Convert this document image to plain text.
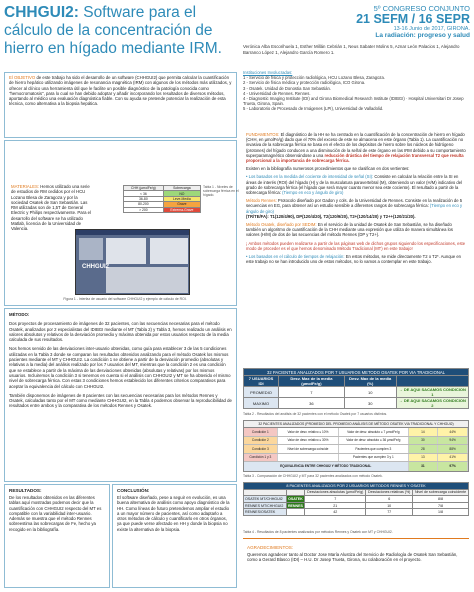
CHHGUI2: Software para el cálculo de la concentración de hierro en hígado mediante IRM.
5º CONGRESO CONJUNTO
21 SEFM / 16 SEPR
13-16 Junio de 2017, GIRONA.
La radiación: progreso y salud
Verónica Alba Escorihuela 1, Esther Millán Cebrián 1, Neus Sabater Molins 5, Aznar León Palacios 1, Alejandro Barranco López 1, Alejandro García Romero 1.
Instituciones Involucradas:
1 - Servicio de física y protección radiológica, HCU Lozano Blesa, Zaragoza.
2 - Servicio de física médica y protección radiológica, ICO Girona.
3 - Osatek. Unidad de Donostia San Sebastián.
4 - Universidad de Rennes. Rennes.
4 - Diagnostic Imaging Institute (IDI) and Girona Biomedical Research Institute (IDIBGI) · Hospital Universitari Dr Josep Trueta, Girona, Spain.
5 - Laboratorio de Procesado de Imágenes (LPI), Universidad de Valladolid.

El OBJETIVO de este trabajo ha sido el desarrollo de un software (CHHGUI2) que permita calcular la cuantificación de hierro hepático utilizando imágenes de resonancia magnética (IRM) con algunos de los métodos más utilizados, y ofrecer al clínico una herramienta útil que le facilite un posible diagnóstico de la patología conocida como "hemocromatosis", para lo cual se han debido adoptar y añadir incorporando los resultados de diversos métodos, aportando al médico una evaluación diagnóstica fiable. Con su ayuda se pretende potenciar la realización de esta técnica, como alternativa a la biopsia hepática.

MATERIALES: Hemos utilizado una serie de estudios de RM cedidos por el HCU Lozano Blesa de Zaragoza y por la sociedad Osatek de San Sebastián. Las RM utilizadas son de 1,5T de General Electric y Philips respectivamente. Para el desarrollo del software se ha utilizado Matlab, licencia de la Universidad de Valencia.
CHH (µmolFe/g)	Sobrecarga
< 36	NO
36-80	Leve-Media
80-200	Grave
> 200	Extrema-Grave
Tabla 1 - Niveles de sobrecarga férrica en el hígado.
CHHGUI2
Figura 1 - Interfaz de usuario del software CHHGUI2 y ejemplo de cálculo de ROI.

MÉTODO:

Dos proyectos de procesamiento de imágenes de 32 pacientes, con las secuencias necesarias para el método Osatek, analizados por 2 especialistas del IDIBGI mediante el MT (Tabla 2) y Tabla 3, hemos realizado un análisis en valores absolutos y relativos de la desviación promedio y máxima obtenida por estos usuarios respecto de la media calculada de sus resultados.

Nos hemos servido de las desviaciones inter-usuario obtenidas, como guía para establecer 3 de las 5 condiciones utilizadas en la Tabla 3 donde se comparan los resultados obtenidos analizando para el método Osatek los mismos pacientes mediante el MT y CHHGUI2. La condición 1 se obtiene a partir de la desviación promedio (absolutas y relativas a la media) del análisis realizado por los 7 usuarios del MT, mientras que la condición 2 es una condición que se establece a partir de la máxima de las desviaciones obtenidas (absolutas y relativas) por los mismos usuarios. Incluiremos la condición 3 si tenemos en cuenta si el análisis con CHHGUI2 y MT se ha obtenido el mismo nivel de sobrecarga férrica. Con estas 3 condiciones hemos establecido los diferentes criterios comparativos para aceptar la equivalencia del cálculo con CHHGUI2.

También disponemos de imágenes de 8 pacientes con las secuencias necesarias para los métodos Rennes y Osatek, calculadas tanto por el MT como mediante CHHGUI2, en la Tabla 4 podemos observar la reproducibilidad de resultados entre ambos y la comparativa de los métodos Rennes y Osatek.

RESULTADOS:
De los resultados obtenidos en las diferentes tablas aquí mostradas podemos decir que la cuantificación con CHHGUI2 respecto del MT es compatible con la variabilidad inter-usuario. Además se muestra que el método Rennes sobreestima las sobrecargas de Fe, hecho ya recogido en la bibliografía.
CONCLUSIÓN:
El software diseñado, pese a seguir en evolución, es una buena alternativa de análisis como apoyo diagnóstico de la HH. Como líneas de futuro pretendemos ampliar el estudio a un mayor número de pacientes, así como adaptarlo a otros métodos de cálculo y cuantificarlo en otros órganos, ya que puede verse afectado en HH y donde la biopsia no existe la alternativa de la biopsia.

FUNDAMENTOS: El diagnóstico de la HH se ha centrado en la cuantificación de la concentración de hierro en hígado (CHH, en µmolFe/g) dado que el 70% del exceso de este se almacena en este órgano (Tabla 1). La cuantificación no invasiva de la sobrecarga férrica se basa en el efecto de los depósitos de hierro sobre los núcleos de hidrógeno (protones) del hígado conducen a una disminución de la señal de este órgano en las IRM debido a su comportamiento superparamagnético observándose a una reducción drástica del tiempo de relajación transversal T2 que resulta proporcional a la importancia de sobrecarga férrica.

Existen en la bibliografía numerosos procedimientos que se clasifican en dos vertientes:

• Los basados en la medida del cociente de intensidad de señal (SI): Consiste en calcular la relación entre la SI en áreas de interés (ROI) del hígado (H) y de la musculatura paravertebral (M), obteniendo un valor (H/M) indicativo del grado de sobrecarga férrica (el hígado que será mayor cuanto menor sea este cociente). El resultado a partir de la sobrecarga férrica: (Tiempo en eco y ángulo de giro)

Método Rennes: Protocolo diseñado por Gadon y cols. de la Universidad de Rennes. Consiste en la realización de 5 secuencias en EG, para obtener así un estudio sensible a diferentes rangos de sobrecarga férrica: (Tiempo en eco y ángulo de giro)
(TR/TE/FA): T1(120/4/90), DP(120/4/20), T2(120/9/20), T2+(120/14/20) y T2++(120/21/20).

Método Osatek, diseñado por SEDIM: En el servicio de la unidad de Osatek de San Sebastián, se ha diseñado también un algoritmo de cuantificación de la CHH mediante una expresión que utiliza de manera simultánea los valores (H/M) de dos de las secuencias del método Rennes (DP y T2+).

¡ Ambos métodos pueden realizarse a partir de las páginas web de dichos grupos siguiendo los especificaciones, este modo de proceder es el que hemos denominado Método Tradicional (MT) en este trabajo!

• Los basados en el cálculo de tiempos de relajación: En estos métodos, se mide directamente T2 o T2*. Aunque en este trabajo no se han introducido uno de estos métodos, no lo vamos a contemplar en este trabajo.

32 PACIENTES ANALIZADOS POR 7 USUARIOS METODO OSATEK POR VIA TRADICIONAL			
7 USUARIOS IDI	Desv. Max de la media (µmolFe/g)	Desv. Max de la media (%)	
PROMEDIO	7	10	→ DE AQUI SACAMOS CONDICION 1
MAXIMO	36	30	→ DE AQUI SACAMOS CONDICION 2
Tabla 2 - Resultados del análisis de 32 pacientes con el método Osatek por 7 usuarios distintos.
32 PACIENTES ANALIZADOS (PROMEDIO DEL PROMEDIO ANÁLISIS DE MÉTODO OSATEK VIA TRADICIONAL Y CHHGUI2)
Condición 1	Valor de desv. relativo ≤ 10%	Valor de desv. absoluto ≤ 7 µmolFe/g	14	44%
Condición 2	Valor de desv. relativo ≤ 30%	Valor de desv. absoluto ≤ 36 µmolFe/g	30	94%
Condición 3	Nivel de sobrecarga coincide	Pacientes que cumplen 3	28	88%
Condición 1 y 3	Pacientes que cumplen 3 y 1	13	41%
EQUIVALENCIA ENTRE CHHGUI2 Y MÉTODO TRADICIONAL	31	97%
Tabla 3 - Comparación de CHHGUI2 y MT para 32 pacientes analizados con método Osatek.
8 PACIENTES ANALIZADOS POR 2 USUARIOS METODOS RENNES Y OSATEK				
		Desviaciones absolutas (µmolFe/g)	Desviaciones relativas (%)	Nivel de sobrecarga coincidente
OSATEK MT/CHHGUI2	OSATEK	7	6	8/8
RENNES MT/CHHGUI2	RENNES	21	10	7/8
RENNES/OSATEK		42	77	1/8
Tabla 4 - Resultados de 8 pacientes analizados por métodos Rennes y Osatek con MT y CHHGUI2.
AGRADECIMIENTOS:
Queremos agradecer tanto al Doctor Jose María Alustiza del Servicio de Radiología de Osatek San Sebastián, como a Gerard Blasco (IDI) – H.U. Dr Josep Trueta, Girona, su colaboración en el proyecto.
